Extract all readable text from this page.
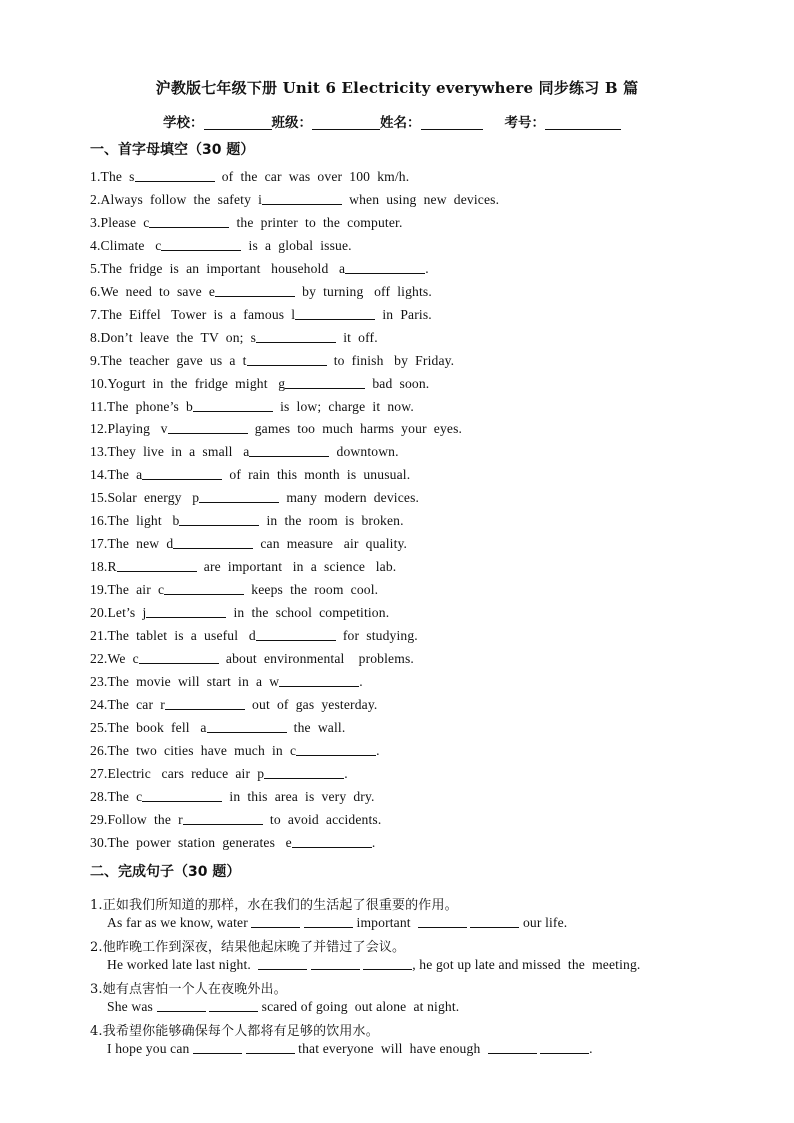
沪教版七年级下册 Unit 6 Electricity everywhere 同步练习 B 篇
学校：	班级：	姓名：	考号：
一、首字母填空（30 题）
1.The  s	of  the  car  was  over  100  km/h.
2.Always  follow  the  safety  i	when  using  new  devices.
3.Please  c	the  printer  to  the  computer.
4.Climate   c	is  a  global  issue.
5.The  fridge  is  an  important   household   a	.
6.We  need  to  save  e	by  turning   off  lights.
7.The  Eiffel   Tower  is  a  famous  l	in  Paris.
8.Don’t  leave  the  TV  on;  s	it  off.
9.The  teacher  gave  us  a  t	to  finish   by  Friday.
10.Yogurt  in  the  fridge  might   g	bad  soon.
11.The  phone’s  b	is  low;  charge  it  now.
12.Playing   v	games  too  much  harms  your  eyes.
13.They  live  in  a  small   a	downtown.
14.The  a	of  rain  this  month  is  unusual.
15.Solar  energy   p	many  modern  devices.
16.The  light   b	in  the  room  is  broken.
17.The  new  d	can  measure   air  quality.
18.R	are  important   in  a  science   lab.
19.The  air  c	keeps  the  room  cool.
20.Let’s  j	in  the  school  competition.
21.The  tablet  is  a  useful   d	for  studying.
22.We  c	about  environmental    problems.
23.The  movie  will  start  in  a  w	.
24.The  car  r	out  of  gas  yesterday.
25.The  book  fell   a	the  wall.
26.The  two  cities  have  much  in  c	.
27.Electric   cars  reduce  air  p	.
28.The  c	in  this  area  is  very  dry.
29.Follow  the  r	to  avoid  accidents.
30.The  power  station  generates   e	.
二、完成句子（30 题）
1.正如我们所知道的那样，水在我们的生活起了很重要的作用。
As far as we know, water	important	our life.
2.他昨晚工作到深夜，结果他起床晚了并错过了会议。
He worked late last night.	, he got up late and missed  the  meeting.
3.她有点害怕一个人在夜晚外出。
She was	scared of going  out alone  at night.
4.我希望你能够确保每个人都将有足够的饮用水。
I hope you can	that everyone  will  have enough	.
